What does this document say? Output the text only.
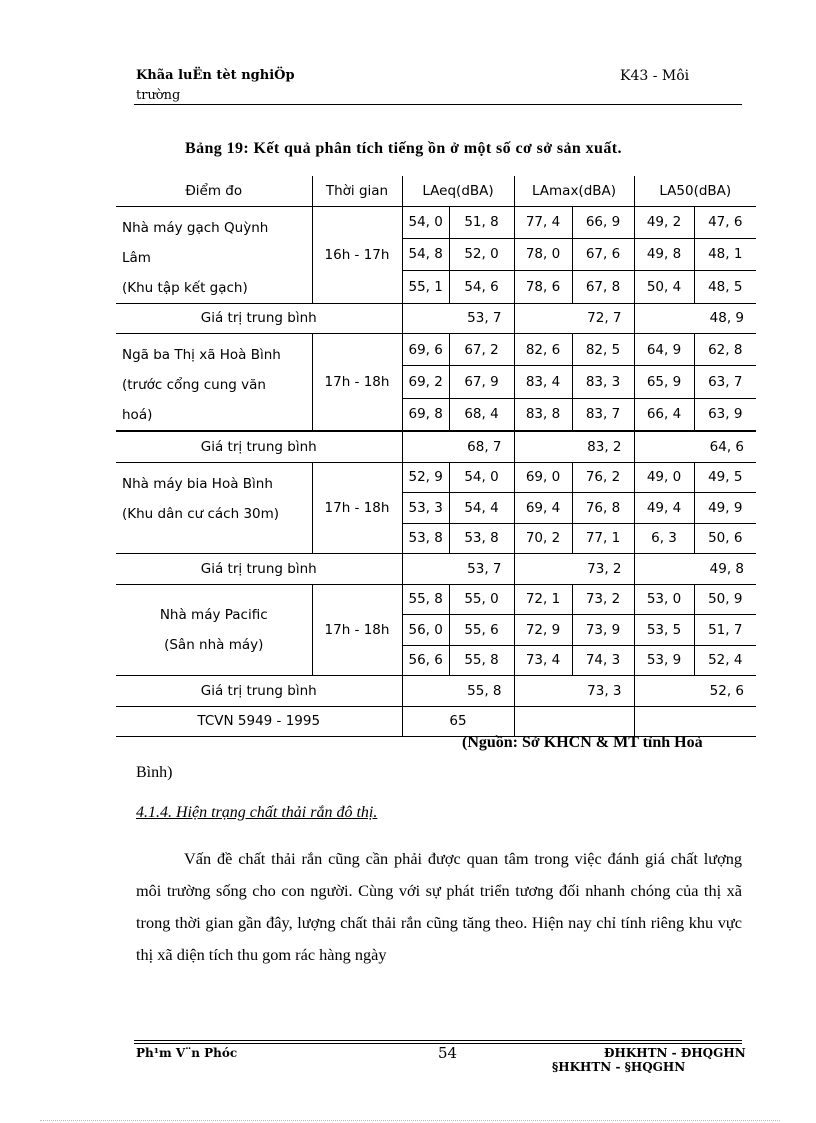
Khãa luËn tèt nghiÖp
trường
K43 - Môi
Bảng 19: Kết quả phân tích tiếng ồn ở một số cơ sở sản xuất.
Điểm đo	Thời gian	LAeq(dBA)		LAmax(dBA)		LA50(dBA)	

Nhà máy gạch Quỳnh
Lâm
(Khu tập kết gạch)	16h - 17h	54, 0	51, 8	77, 4	66, 9	49, 2	47, 6
		54, 8	52, 0	78, 0	67, 6	49, 8	48, 1
		55, 1	54, 6	78, 6	67, 8	50, 4	48, 5
Giá trị trung bình		53, 7		72, 7		48, 9	

Ngã ba Thị xã Hoà Bình
(trước cổng cung văn
hoá)	17h - 18h	69, 6	67, 2	82, 6	82, 5	64, 9	62, 8
		69, 2	67, 9	83, 4	83, 3	65, 9	63, 7
		69, 8	68, 4	83, 8	83, 7	66, 4	63, 9
Giá trị trung bình		68, 7		83, 2		64, 6	

Nhà máy bia Hoà Bình
(Khu dân cư cách 30m)	17h - 18h	52, 9	54, 0	69, 0	76, 2	49, 0	49, 5
		53, 3	54, 4	69, 4	76, 8	49, 4	49, 9
		53, 8	53, 8	70, 2	77, 1	6, 3	50, 6
Giá trị trung bình		53, 7		73, 2		49, 8	

Nhà máy Pacific
(Sân nhà máy)	17h - 18h	55, 8	55, 0	72, 1	73, 2	53, 0	50, 9
		56, 0	55, 6	72, 9	73, 9	53, 5	51, 7
		56, 6	55, 8	73, 4	74, 3	53, 9	52, 4
Giá trị trung bình		55, 8		73, 3		52, 6	
TCVN 5949 - 1995		65					
(Nguồn: Sở KHCN & MT tỉnh Hoà
Bình)
4.1.4. Hiện trạng chất thải rắn đô thị.

Vấn đề chất thải rắn cũng cần phải được quan tâm trong việc đánh giá chất lượng môi trường sống cho con người. Cùng với sự phát triển tương đối nhanh chóng của thị xã trong thời gian gần đây, lượng chất thải rắn cũng tăng theo. Hiện nay chỉ tính riêng khu vực thị xã diện tích thu gom rác hàng ngày

Ph¹m V¨n Phóc	54	ĐHKHTN - ĐHQGHN
§HKHTN - §HQGHN
